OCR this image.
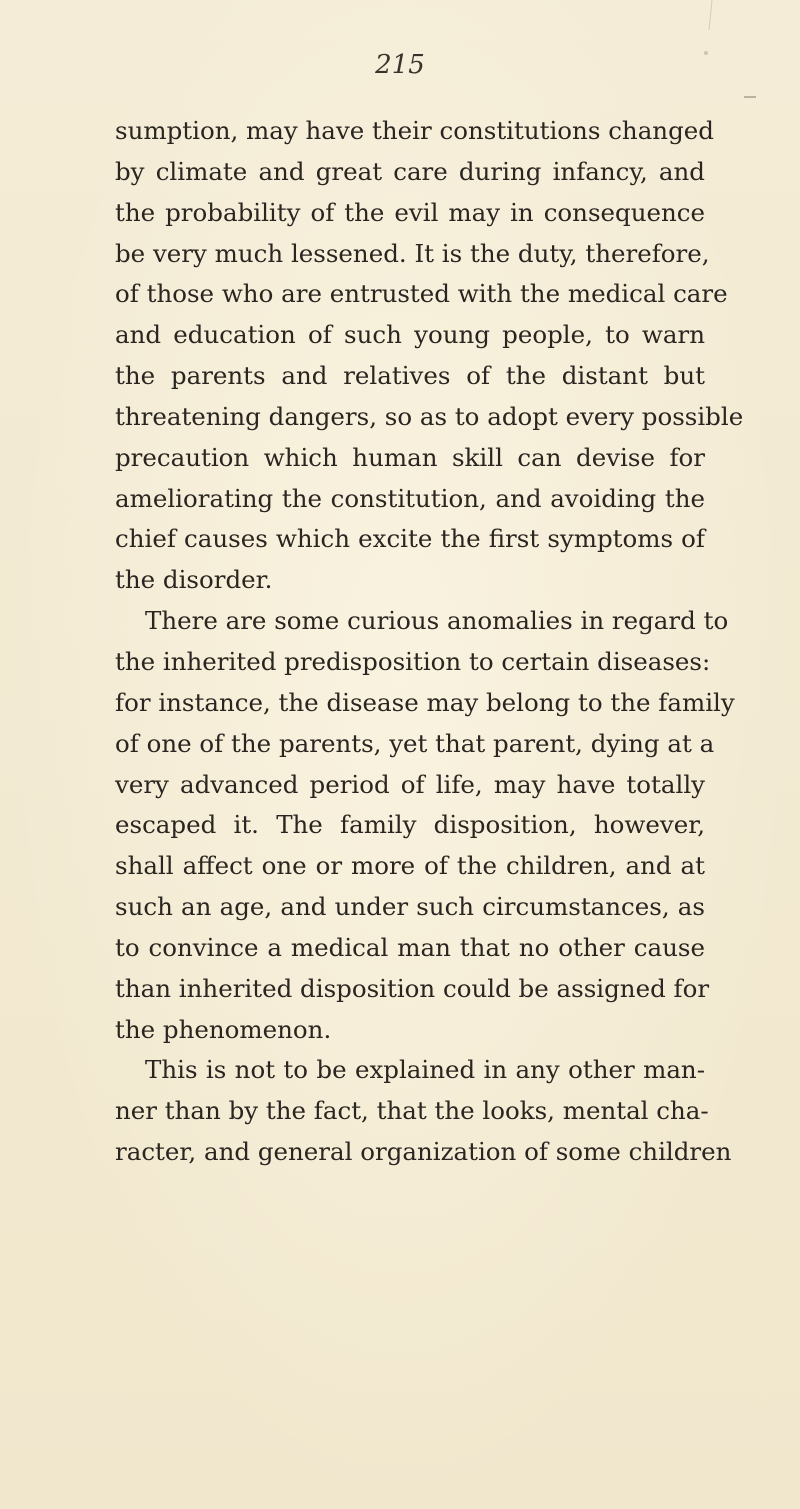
215

sumption, may have their constitutions changed
by climate and great care during infancy, and
the probability of the evil may in consequence
be very much lessened. It is the duty, therefore,
of those who are entrusted with the medical care
and education of such young people, to warn
the parents and relatives of the distant but
threatening dangers, so as to adopt every possible
precaution which human skill can devise for
ameliorating the constitution, and avoiding the
chief causes which excite the first symptoms of
the disorder.

There are some curious anomalies in regard to
the inherited predisposition to certain diseases:
for instance, the disease may belong to the family
of one of the parents, yet that parent, dying at a
very advanced period of life, may have totally
escaped it. The family disposition, however,
shall affect one or more of the children, and at
such an age, and under such circumstances, as
to convince a medical man that no other cause
than inherited disposition could be assigned for
the phenomenon.

This is not to be explained in any other man-
ner than by the fact, that the looks, mental cha-
racter, and general organization of some children
